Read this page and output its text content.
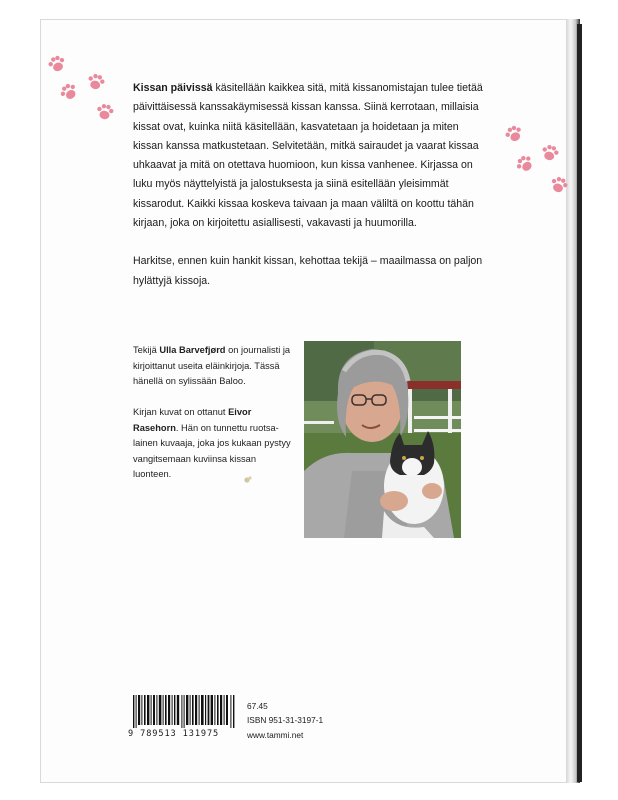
Kissan päivissä käsitellään kaikkea sitä, mitä kissanomistajan tulee tietää päivittäisessä kanssakäymisessä kissan kanssa. Siinä kerrotaan, millaisia kissat ovat, kuinka niitä käsitellään, kasvatetaan ja hoidetaan ja miten kissan kanssa matkustetaan. Selvitetään, mitkä sairaudet ja vaarat kissaa uhkaavat ja mitä on otettava huomioon, kun kissa vanhenee. Kirjassa on luku myös näyttelyistä ja jalostuksesta ja siinä esitellään yleisimmät kissarodut. Kaikki kissaa koskeva taivaan ja maan väliltä on koottu tähän kirjaan, joka on kirjoitettu asiallisesti, vakavasti ja huumorilla.

Harkitse, ennen kuin hankit kissan, kehottaa tekijä – maailmassa on paljon hylättyjä kissoja.

Tekijä Ulla Barvefjørd on journalisti ja kirjoittanut useita eläinkirjoja. Tässä hänellä on sylissään Baloo.
Kirjan kuvat on ottanut Eivor Rasehorn. Hän on tunnettu ruotsa-lainen kuvaaja, joka jos kukaan pystyy vangitsemaan kuviinsa kissan luonteen.
9 789513 131975
67.45
ISBN 951-31-3197-1
www.tammi.net
